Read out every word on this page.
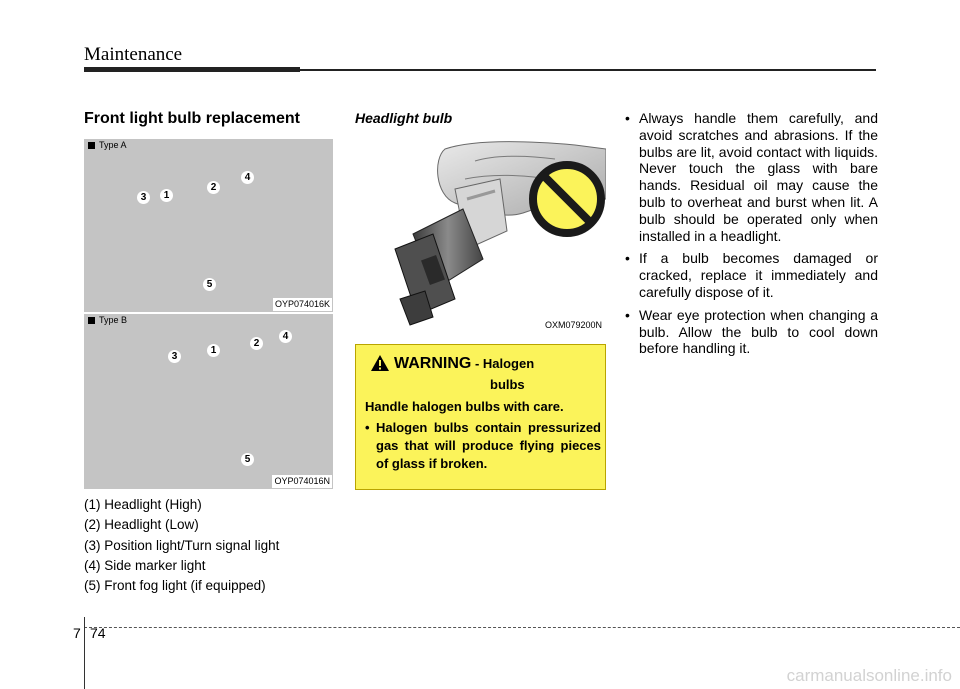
Maintenance
Front light bulb replacement
Type A
3	1
2
4
5
OYP074016K
Type B
3
1
2
4
5
OYP074016N
(1) Headlight (High)
(2) Headlight (Low)
(3) Position light/Turn signal light
(4) Side marker light
(5) Front fog light (if equipped)
Headlight bulb
OXM079200N
WARNING - Halogen
bulbs
Handle halogen bulbs with care.
• Halogen bulbs contain pressurized gas that will produce flying pieces of glass if broken.
• Always handle them carefully, and avoid scratches and abrasions. If the bulbs are lit, avoid contact with liquids. Never touch the glass with bare hands. Residual oil may cause the bulb to overheat and burst when lit. A bulb should be operated only when installed in a headlight.
• If a bulb becomes damaged or cracked, replace it immediately and carefully dispose of it.
• Wear eye protection when changing a bulb. Allow the bulb to cool down before handling it.
7 74
carmanualsonline.info
